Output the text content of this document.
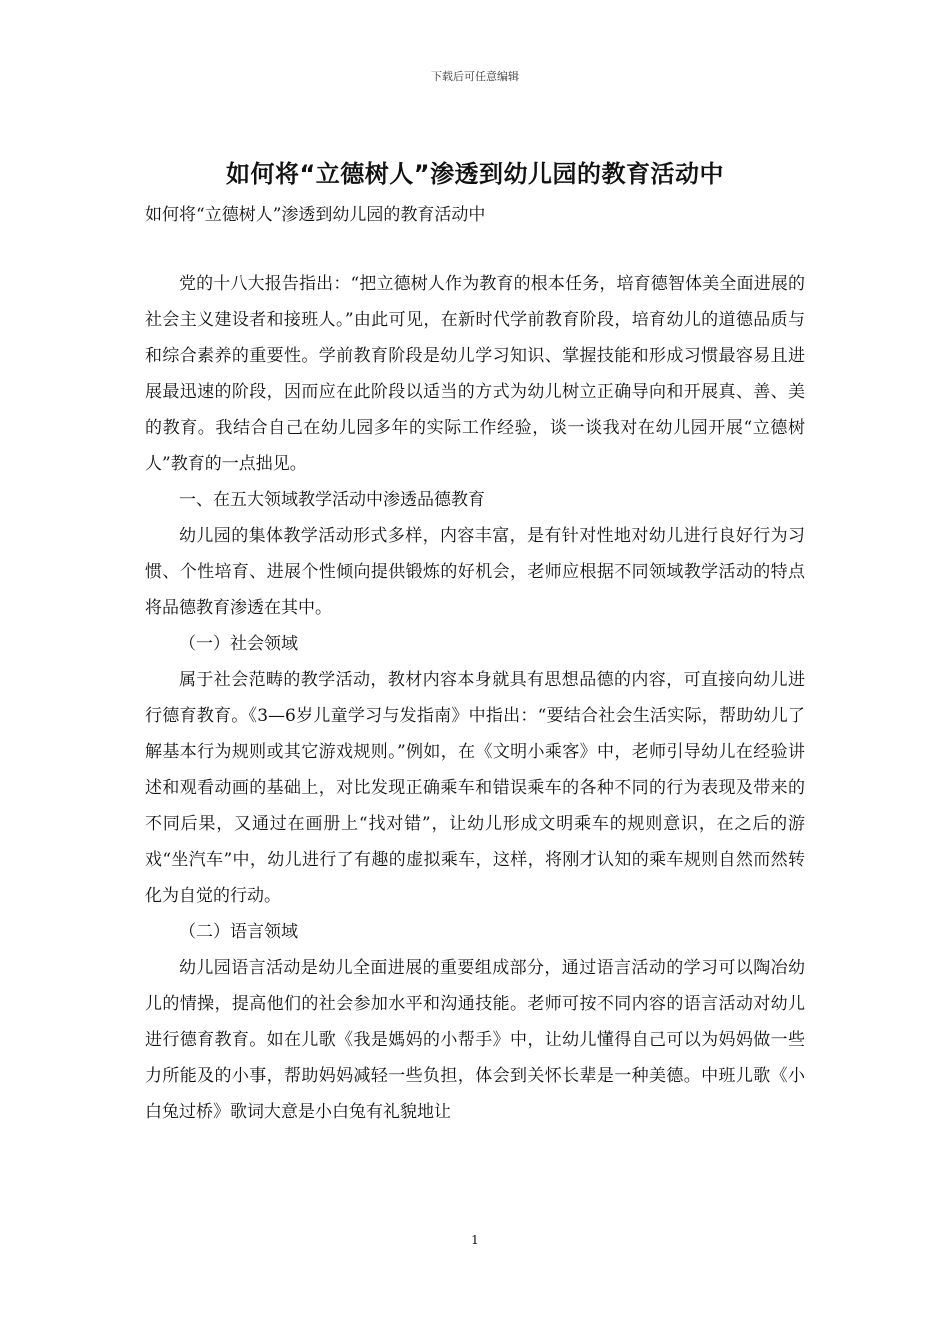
下载后可任意编辑
如何将“立德树人”渗透到幼儿园的教育活动中
如何将“立德树人”渗透到幼儿园的教育活动中

党的十八大报告指出：“把立德树人作为教育的根本任务，培育德智体美全面进展的社会主义建设者和接班人。”由此可见，在新时代学前教育阶段，培育幼儿的道德品质与和综合素养的重要性。学前教育阶段是幼儿学习知识、掌握技能和形成习惯最容易且进展最迅速的阶段，因而应在此阶段以适当的方式为幼儿树立正确导向和开展真、善、美的教育。我结合自己在幼儿园多年的实际工作经验，谈一谈我对在幼儿园开展“立德树人”教育的一点拙见。

一、在五大领域教学活动中渗透品德教育

幼儿园的集体教学活动形式多样，内容丰富，是有针对性地对幼儿进行良好行为习惯、个性培育、进展个性倾向提供锻炼的好机会，老师应根据不同领域教学活动的特点将品德教育渗透在其中。

（一）社会领域

属于社会范畴的教学活动，教材内容本身就具有思想品德的内容，可直接向幼儿进行德育教育。《3—6岁儿童学习与发指南》中指出：“要结合社会生活实际，帮助幼儿了解基本行为规则或其它游戏规则。”例如，在《文明小乘客》中，老师引导幼儿在经验讲述和观看动画的基础上，对比发现正确乘车和错误乘车的各种不同的行为表现及带来的不同后果，又通过在画册上“找对错”，让幼儿形成文明乘车的规则意识，在之后的游戏“坐汽车”中，幼儿进行了有趣的虚拟乘车，这样，将刚才认知的乘车规则自然而然转化为自觉的行动。

（二）语言领域

幼儿园语言活动是幼儿全面进展的重要组成部分，通过语言活动的学习可以陶冶幼儿的情操，提高他们的社会参加水平和沟通技能。老师可按不同内容的语言活动对幼儿进行德育教育。如在儿歌《我是媽妈的小帮手》中，让幼儿懂得自己可以为妈妈做一些力所能及的小事，帮助妈妈减轻一些负担，体会到关怀长辈是一种美德。中班儿歌《小白兔过桥》歌词大意是小白兔有礼貌地让

1
